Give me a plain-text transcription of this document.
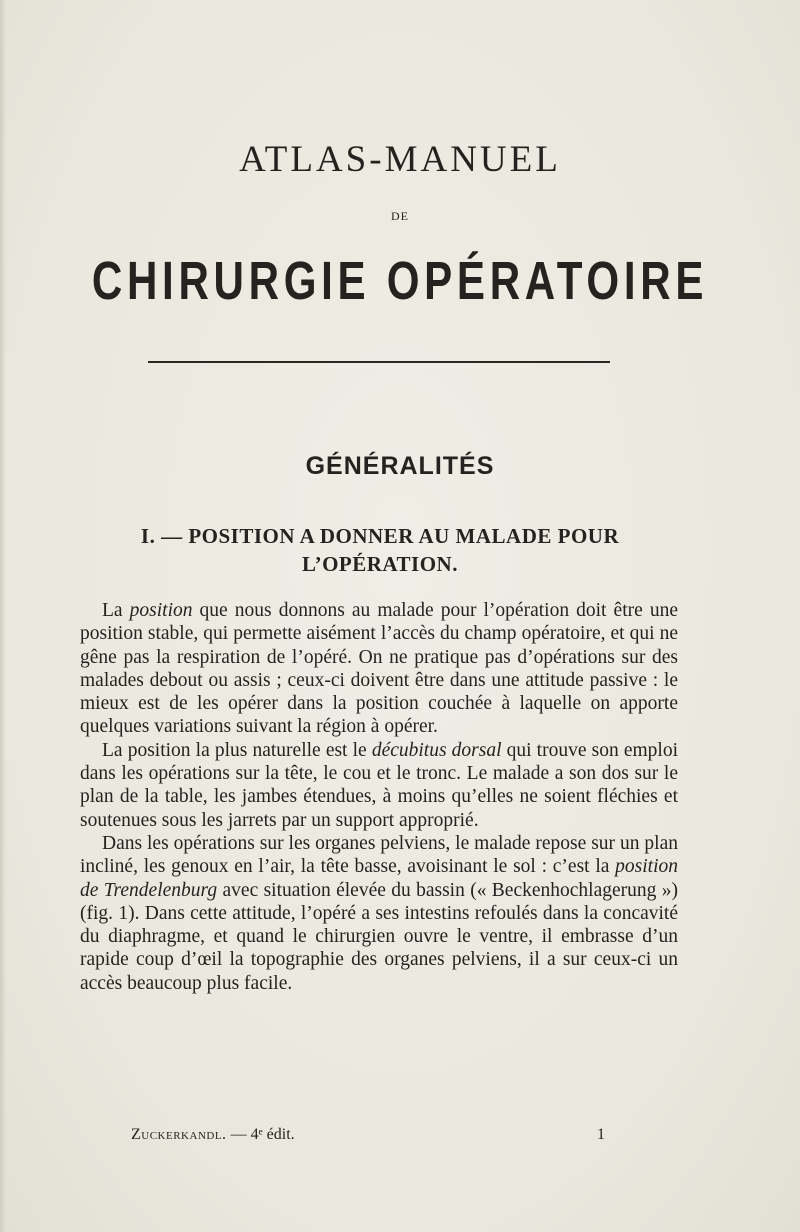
ATLAS-MANUEL
DE
CHIRURGIE OPÉRATOIRE
GÉNÉRALITÉS
I. — POSITION A DONNER AU MALADE POUR
L’OPÉRATION.

La position que nous donnons au malade pour l’opération doit être une position stable, qui permette aisément l’accès du champ opératoire, et qui ne gêne pas la respiration de l’opéré. On ne pratique pas d’opérations sur des malades debout ou assis ; ceux-ci doivent être dans une attitude passive : le mieux est de les opérer dans la position couchée à laquelle on apporte quelques variations suivant la région à opérer.

La position la plus naturelle est le décubitus dorsal qui trouve son emploi dans les opérations sur la tête, le cou et le tronc. Le malade a son dos sur le plan de la table, les jambes étendues, à moins qu’elles ne soient fléchies et soutenues sous les jarrets par un support approprié.

Dans les opérations sur les organes pelviens, le malade repose sur un plan incliné, les genoux en l’air, la tête basse, avoisinant le sol : c’est la position de Trendelenburg avec situation élevée du bassin (« Beckenhochlagerung ») (fig. 1). Dans cette attitude, l’opéré a ses intestins refoulés dans la concavité du diaphragme, et quand le chirurgien ouvre le ventre, il embrasse d’un rapide coup d’œil la topographie des organes pelviens, il a sur ceux-ci un accès beaucoup plus facile.

Zuckerkandl. — 4ᵉ édit.	1
